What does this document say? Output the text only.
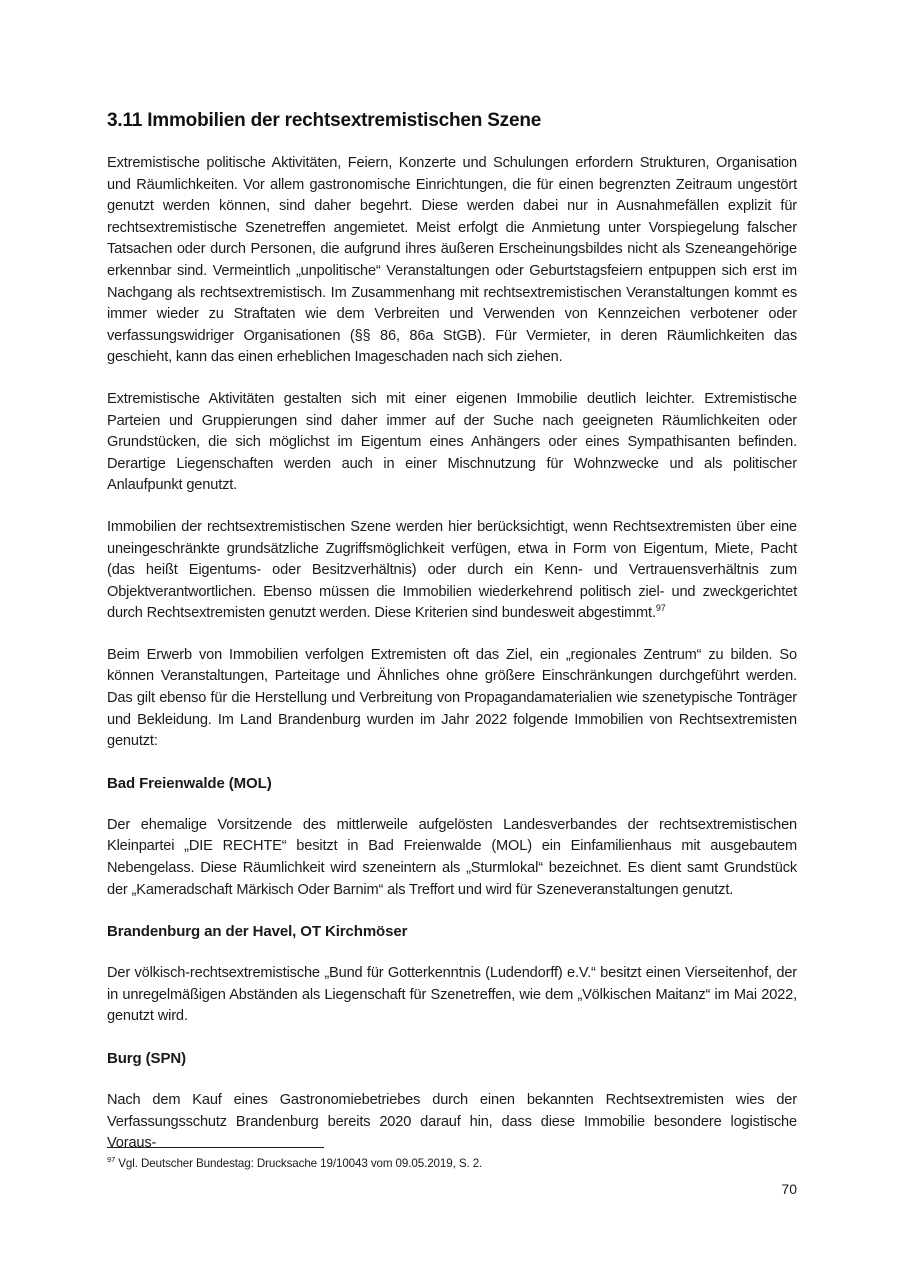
3.11 Immobilien der rechtsextremistischen Szene

Extremistische politische Aktivitäten, Feiern, Konzerte und Schulungen erfordern Strukturen, Organisation und Räumlichkeiten. Vor allem gastronomische Einrichtungen, die für einen begrenzten Zeitraum ungestört genutzt werden können, sind daher begehrt. Diese werden dabei nur in Ausnahmefällen explizit für rechtsextremistische Szenetreffen angemietet. Meist erfolgt die Anmietung unter Vorspiegelung falscher Tatsachen oder durch Personen, die aufgrund ihres äußeren Erscheinungsbildes nicht als Szeneangehörige erkennbar sind. Vermeintlich „unpolitische“ Veranstaltungen oder Geburtstagsfeiern entpuppen sich erst im Nachgang als rechtsextremistisch. Im Zusammenhang mit rechtsextremistischen Veranstaltungen kommt es immer wieder zu Straftaten wie dem Verbreiten und Verwenden von Kennzeichen verbotener oder verfassungswidriger Organisationen (§§ 86, 86a StGB). Für Vermieter, in deren Räumlichkeiten das geschieht, kann das einen erheblichen Imageschaden nach sich ziehen.

Extremistische Aktivitäten gestalten sich mit einer eigenen Immobilie deutlich leichter. Extremistische Parteien und Gruppierungen sind daher immer auf der Suche nach geeigneten Räumlichkeiten oder Grundstücken, die sich möglichst im Eigentum eines Anhängers oder eines Sympathisanten befinden. Derartige Liegenschaften werden auch in einer Mischnutzung für Wohnzwecke und als politischer Anlaufpunkt genutzt.

Immobilien der rechtsextremistischen Szene werden hier berücksichtigt, wenn Rechtsextremisten über eine uneingeschränkte grundsätzliche Zugriffsmöglichkeit verfügen, etwa in Form von Eigentum, Miete, Pacht (das heißt Eigentums- oder Besitzverhältnis) oder durch ein Kenn- und Vertrauensverhältnis zum Objektverantwortlichen. Ebenso müssen die Immobilien wiederkehrend politisch ziel- und zweckgerichtet durch Rechtsextremisten genutzt werden. Diese Kriterien sind bundesweit abgestimmt.$^{97}$

Beim Erwerb von Immobilien verfolgen Extremisten oft das Ziel, ein „regionales Zentrum“ zu bilden. So können Veranstaltungen, Parteitage und Ähnliches ohne größere Einschränkungen durchgeführt werden. Das gilt ebenso für die Herstellung und Verbreitung von Propagandamaterialien wie szenetypische Tonträger und Bekleidung. Im Land Brandenburg wurden im Jahr 2022 folgende Immobilien von Rechtsextremisten genutzt:

Bad Freienwalde (MOL)

Der ehemalige Vorsitzende des mittlerweile aufgelösten Landesverbandes der rechtsextremistischen Kleinpartei „DIE RECHTE“ besitzt in Bad Freienwalde (MOL) ein Einfamilienhaus mit ausgebautem Nebengelass. Diese Räumlichkeit wird szeneintern als „Sturmlokal“ bezeichnet. Es dient samt Grundstück der „Kameradschaft Märkisch Oder Barnim“ als Treffort und wird für Szeneveranstaltungen genutzt.

Brandenburg an der Havel, OT Kirchmöser

Der völkisch-rechtsextremistische „Bund für Gotterkenntnis (Ludendorff) e.V.“ besitzt einen Vierseitenhof, der in unregelmäßigen Abständen als Liegenschaft für Szenetreffen, wie dem „Völkischen Maitanz“ im Mai 2022, genutzt wird.

Burg (SPN)

Nach dem Kauf eines Gastronomiebetriebes durch einen bekannten Rechtsextremisten wies der Verfassungsschutz Brandenburg bereits 2020 darauf hin, dass diese Immobilie besondere logistische Voraus-

$^{97}$ Vgl. Deutscher Bundestag: Drucksache 19/10043 vom 09.05.2019, S. 2.

70
